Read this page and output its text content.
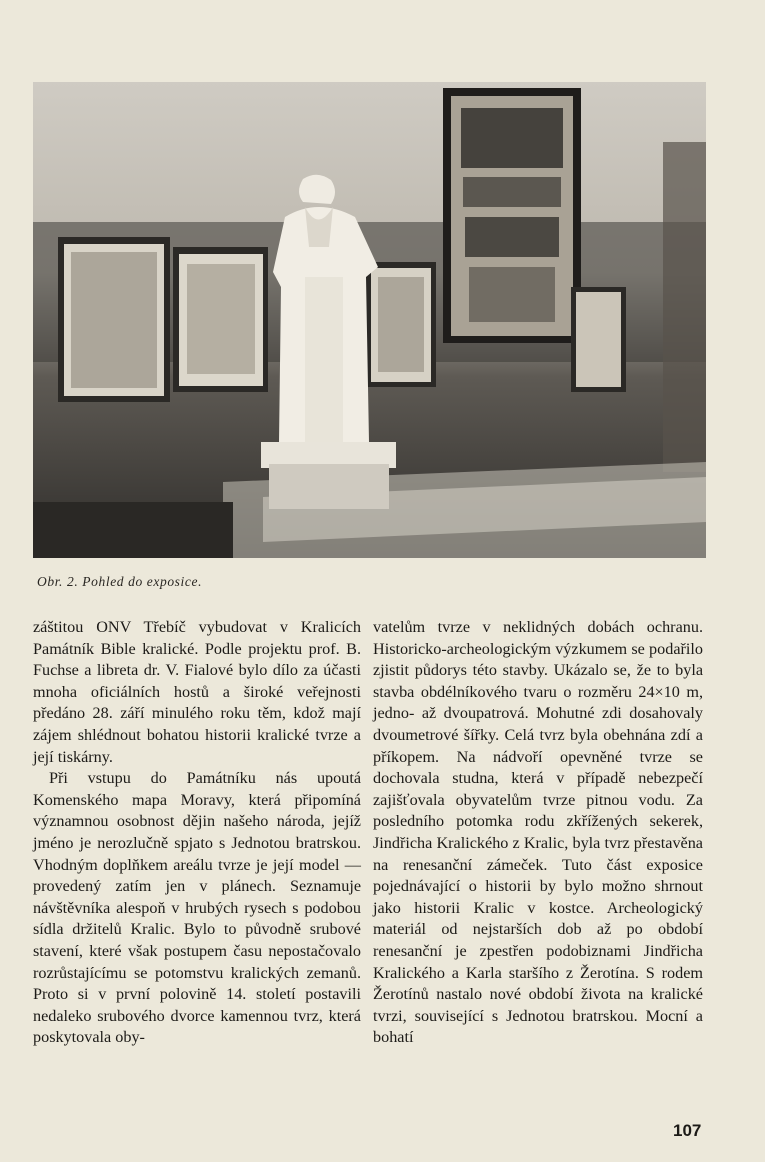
Obr. 2. Pohled do exposice.

záštitou ONV Třebíč vybudovat v Kralicích Památník Bible kralické. Podle projektu prof. B. Fuchse a libreta dr. V. Fialové bylo dílo za účasti mnoha oficiálních hostů a široké veřejnosti předáno 28. září minulého roku těm, kdož mají zájem shlédnout bohatou historii kralické tvrze a její tiskárny.

Při vstupu do Památníku nás upoutá Komenského mapa Moravy, která připomíná významnou osobnost dějin našeho národa, jejíž jméno je nerozlučně spjato s Jednotou bratrskou. Vhodným doplňkem areálu tvrze je její model — provedený zatím jen v plánech. Seznamuje návštěvníka alespoň v hrubých rysech s podobou sídla držitelů Kralic. Bylo to původně srubové stavení, které však postupem času nepostačovalo rozrůstajícímu se potomstvu kralických zemanů. Proto si v první polovině 14. století postavili nedaleko srubového dvorce kamennou tvrz, která poskytovala oby-

vatelům tvrze v neklidných dobách ochranu. Historicko-archeologickým výzkumem se podařilo zjistit půdorys této stavby. Ukázalo se, že to byla stavba obdélníkového tvaru o rozměru 24×10 m, jedno- až dvoupatrová. Mohutné zdi dosahovaly dvoumetrové šířky. Celá tvrz byla obehnána zdí a příkopem. Na nádvoří opevněné tvrze se dochovala studna, která v případě nebezpečí zajišťovala obyvatelům tvrze pitnou vodu. Za posledního potomka rodu zkřížených sekerek, Jindřicha Kralického z Kralic, byla tvrz přestavěna na renesanční zámeček. Tuto část exposice pojednávající o historii by bylo možno shrnout jako historii Kralic v kostce. Archeologický materiál od nejstarších dob až po období renesanční je zpestřen podobiznami Jindřicha Kralického a Karla staršího z Žerotína. S rodem Žerotínů nastalo nové období života na kralické tvrzi, související s Jednotou bratrskou. Mocní a bohatí

107
